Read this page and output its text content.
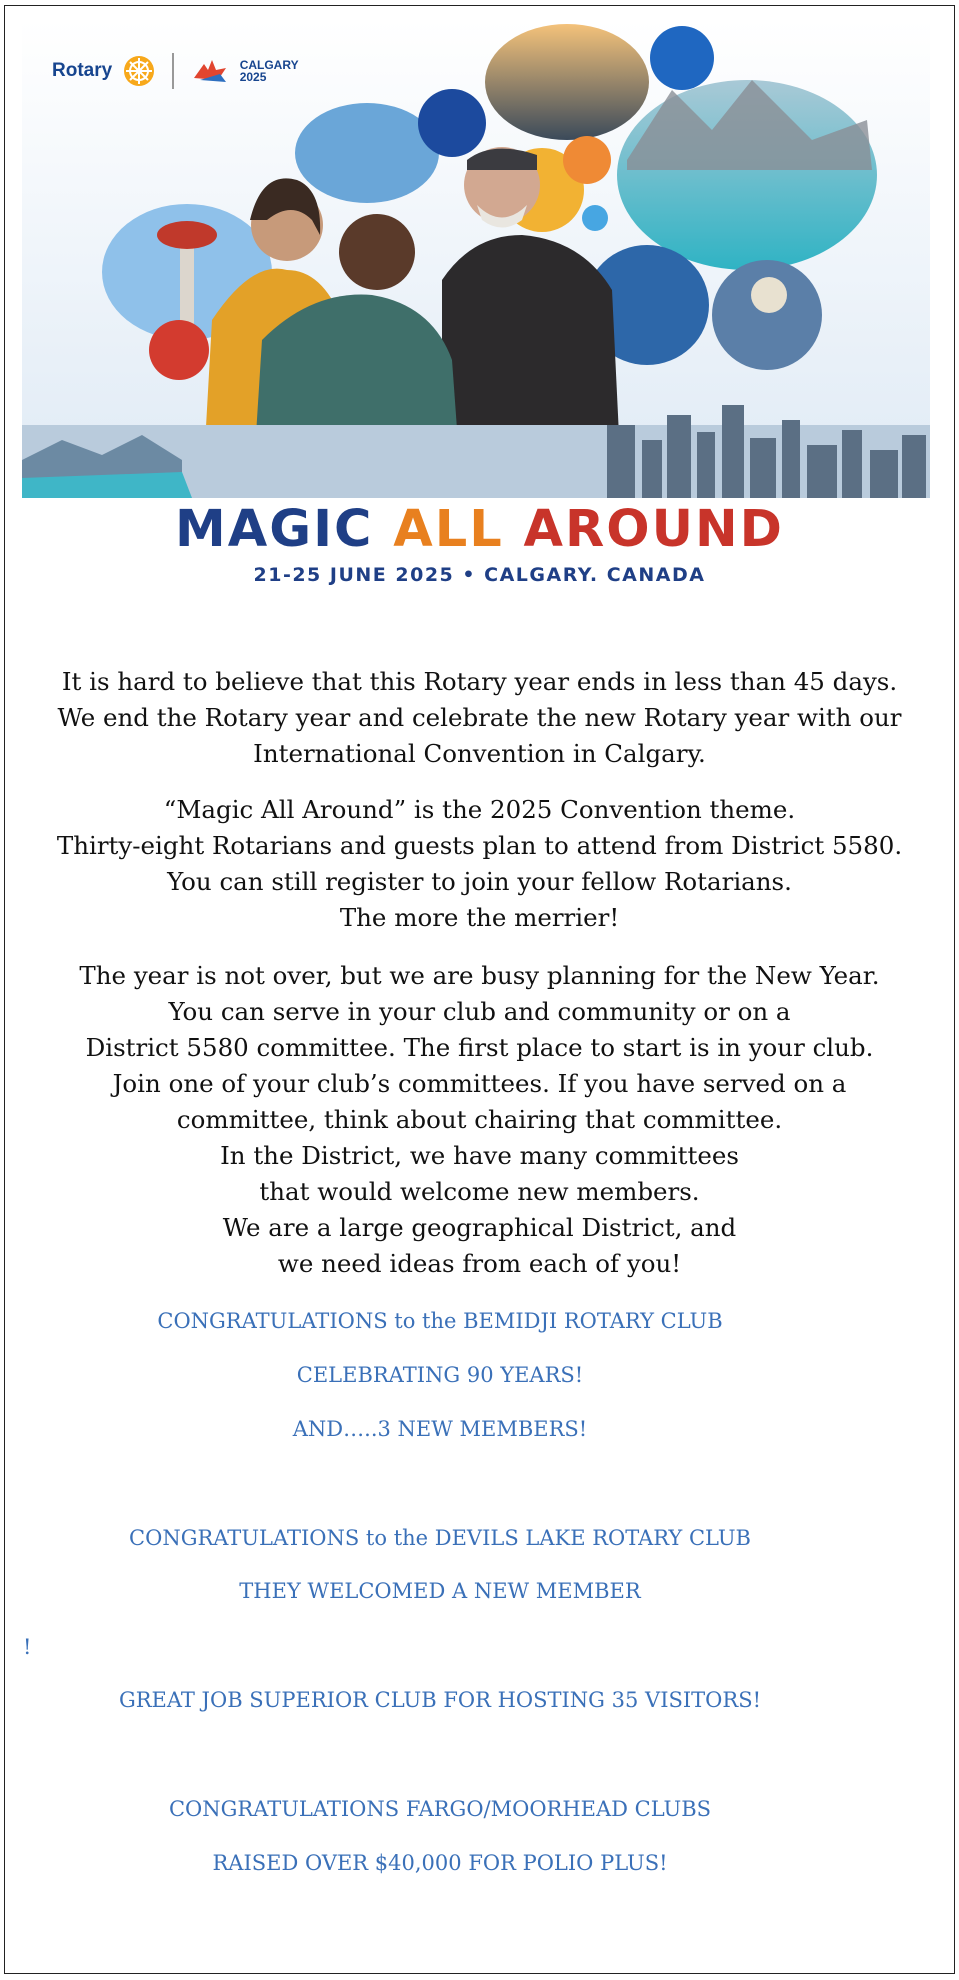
Rotary	CALGARY
2025
MAGIC ALL AROUND
21-25 JUNE 2025 • CALGARY. CANADA
It is hard to believe that this Rotary year ends in less than 45 days.
We end the Rotary year and celebrate the new Rotary year with our
International Convention in Calgary.
“Magic All Around” is the 2025 Convention theme.
Thirty-eight Rotarians and guests plan to attend from District 5580.
You can still register to join your fellow Rotarians.
The more the merrier!
The year is not over, but we are busy planning for the New Year.
You can serve in your club and community or on a
District 5580 committee. The first place to start is in your club.
Join one of your club’s committees. If you have served on a
committee, think about chairing that committee.
In the District, we have many committees
that would welcome new members.
We are a large geographical District, and
we need ideas from each of you!
CONGRATULATIONS to the BEMIDJI ROTARY CLUB
CELEBRATING 90 YEARS!
AND…..3 NEW MEMBERS!
CONGRATULATIONS to the DEVILS LAKE ROTARY CLUB
THEY WELCOMED A NEW MEMBER
!
GREAT JOB SUPERIOR CLUB FOR HOSTING 35 VISITORS!
CONGRATULATIONS FARGO/MOORHEAD CLUBS
RAISED OVER $40,000 FOR POLIO PLUS!
